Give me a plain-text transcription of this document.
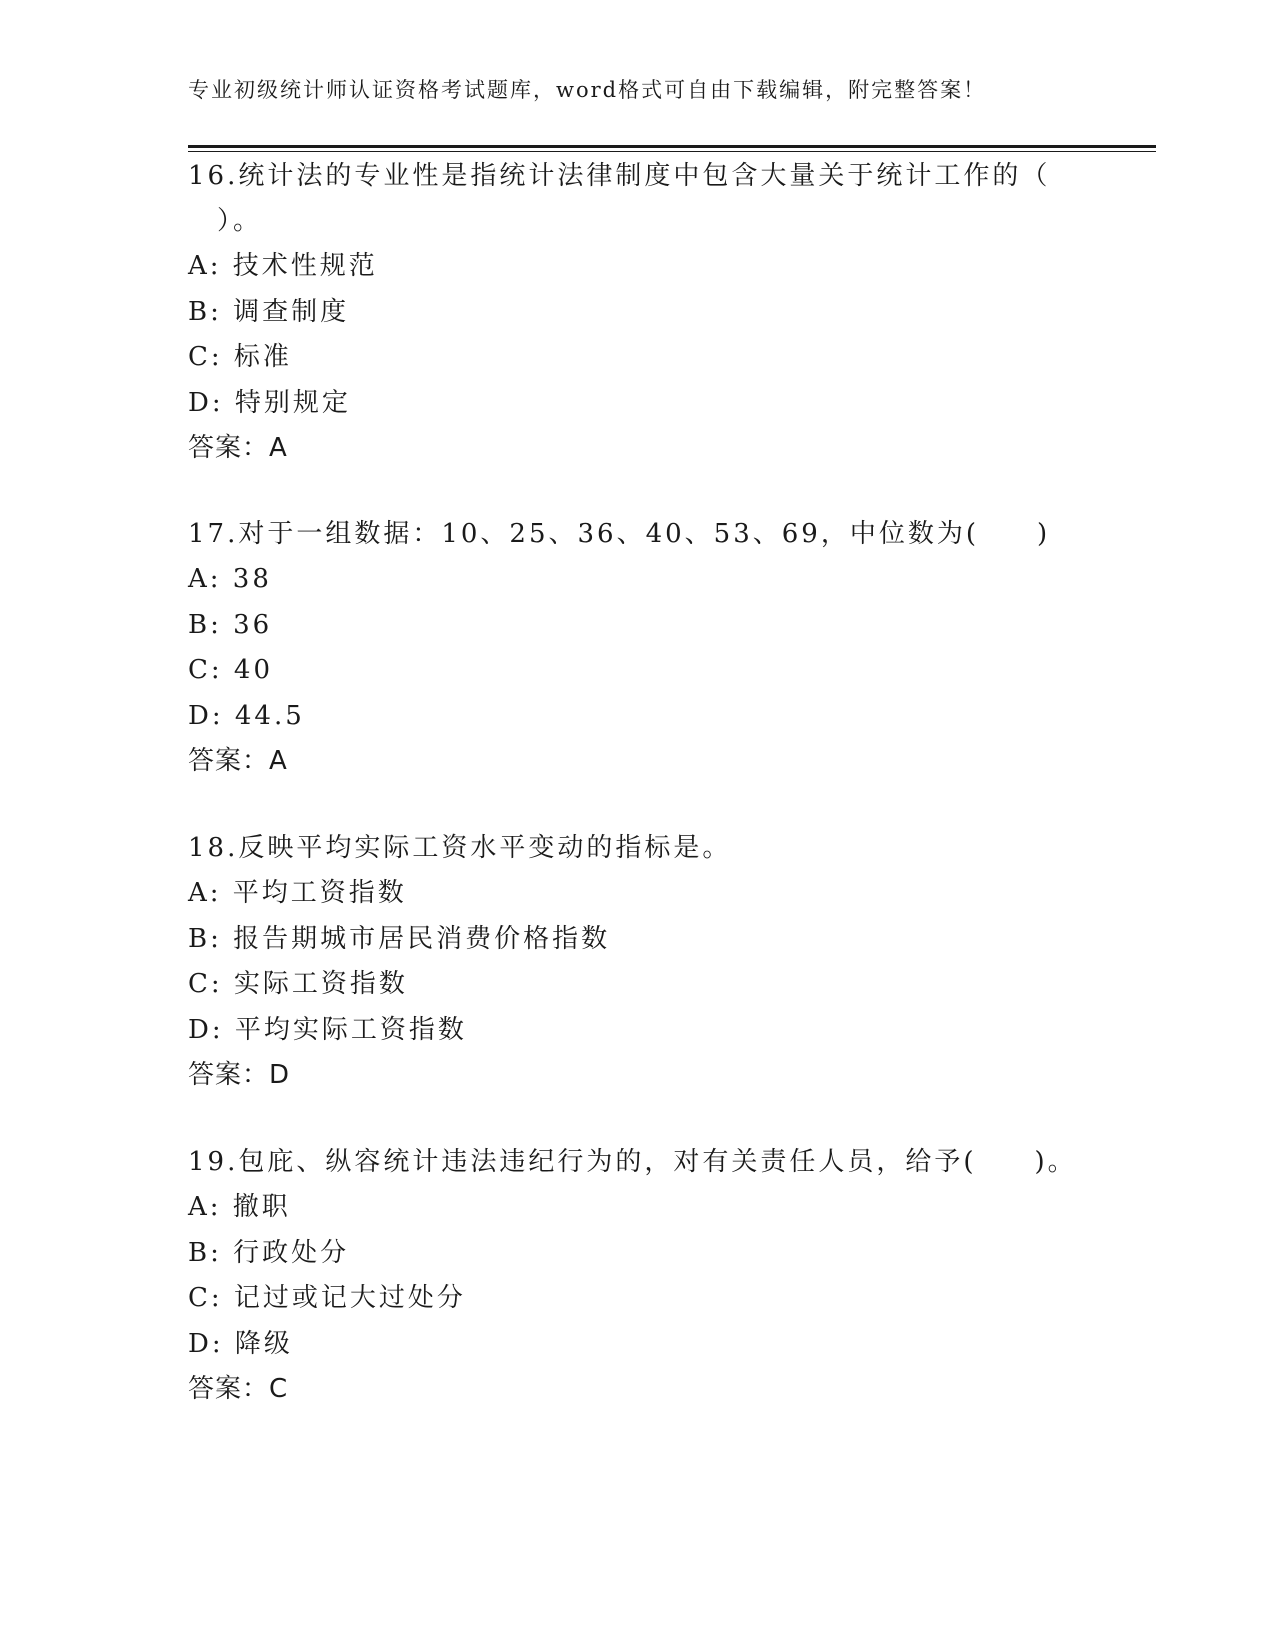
专业初级统计师认证资格考试题库，word格式可自由下载编辑，附完整答案！
16.统计法的专业性是指统计法律制度中包含大量关于统计工作的（
　）。
A: 技术性规范
B: 调查制度
C: 标准
D: 特别规定
答案：A
17.对于一组数据：10、25、36、40、53、69，中位数为(　　)
A: 38
B: 36
C: 40
D: 44.5
答案：A
18.反映平均实际工资水平变动的指标是。
A: 平均工资指数
B: 报告期城市居民消费价格指数
C: 实际工资指数
D: 平均实际工资指数
答案：D
19.包庇、纵容统计违法违纪行为的，对有关责任人员，给予(　　)。
A: 撤职
B: 行政处分
C: 记过或记大过处分
D: 降级
答案：C
